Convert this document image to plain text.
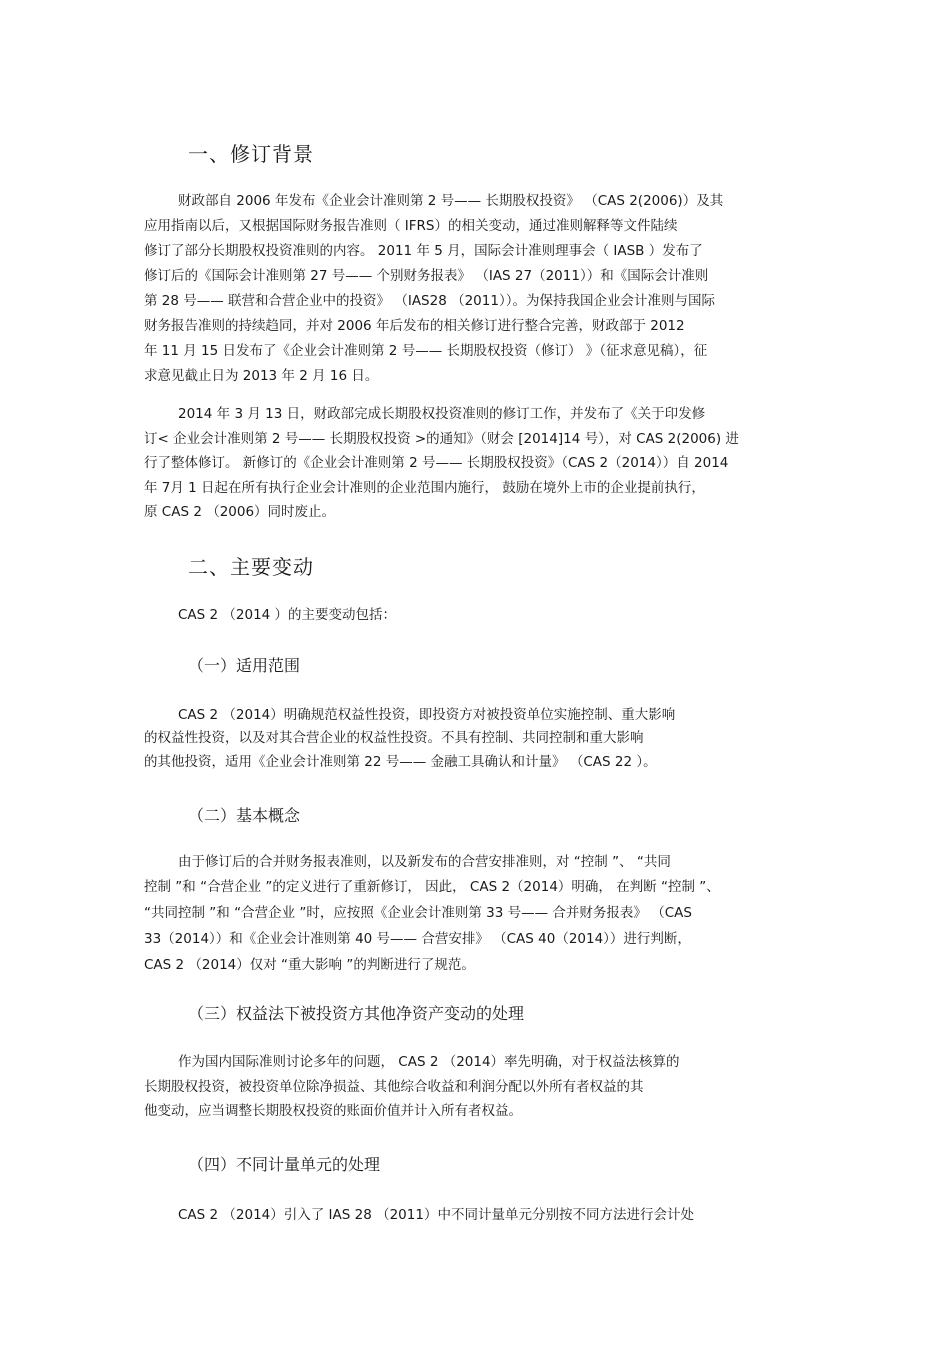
一、修订背景
财政部自 2006 年发布《企业会计准则第 2 号—— 长期股权投资》 （CAS 2(2006)）及其
应用指南以后，又根据国际财务报告准则（ IFRS）的相关变动，通过准则解释等文件陆续
修订了部分长期股权投资准则的内容。 2011 年 5 月，国际会计准则理事会（ IASB ）发布了
修订后的《国际会计准则第 27 号—— 个别财务报表》 （IAS 27（2011））和《国际会计准则
第 28 号—— 联营和合营企业中的投资》 （IAS28 （2011））。为保持我国企业会计准则与国际
财务报告准则的持续趋同，并对 2006 年后发布的相关修订进行整合完善，财政部于 2012
年 11 月 15 日发布了《企业会计准则第 2 号—— 长期股权投资（修订） 》（征求意见稿），征
求意见截止日为 2013 年 2 月 16 日。
2014 年 3 月 13 日，财政部完成长期股权投资准则的修订工作，并发布了《关于印发修
订< 企业会计准则第 2 号—— 长期股权投资 >的通知》（财会 [2014]14 号），对 CAS 2(2006) 进
行了整体修订。 新修订的《企业会计准则第 2 号—— 长期股权投资》（CAS 2（2014））自 2014
年 7月 1 日起在所有执行企业会计准则的企业范围内施行， 鼓励在境外上市的企业提前执行，
原 CAS 2 （2006）同时废止。
二、主要变动
CAS 2 （2014 ）的主要变动包括：
（一）适用范围
CAS 2 （2014）明确规范权益性投资，即投资方对被投资单位实施控制、重大影响
的权益性投资，以及对其合营企业的权益性投资。不具有控制、共同控制和重大影响
的其他投资，适用《企业会计准则第 22 号—— 金融工具确认和计量》 （CAS 22 ）。
（二）基本概念
由于修订后的合并财务报表准则，以及新发布的合营安排准则，对 “控制 ”、 “共同
控制 ”和 “合营企业 ”的定义进行了重新修订， 因此， CAS 2（2014）明确， 在判断 “控制 ”、
“共同控制 ”和 “合营企业 ”时，应按照《企业会计准则第 33 号—— 合并财务报表》 （CAS
33（2014））和《企业会计准则第 40 号—— 合营安排》 （CAS 40（2014））进行判断，
CAS 2 （2014）仅对 “重大影响 ”的判断进行了规范。
（三）权益法下被投资方其他净资产变动的处理
作为国内国际准则讨论多年的问题， CAS 2 （2014）率先明确，对于权益法核算的
长期股权投资，被投资单位除净损益、其他综合收益和利润分配以外所有者权益的其
他变动，应当调整长期股权投资的账面价值并计入所有者权益。
（四）不同计量单元的处理
CAS 2 （2014）引入了 IAS 28 （2011）中不同计量单元分别按不同方法进行会计处
